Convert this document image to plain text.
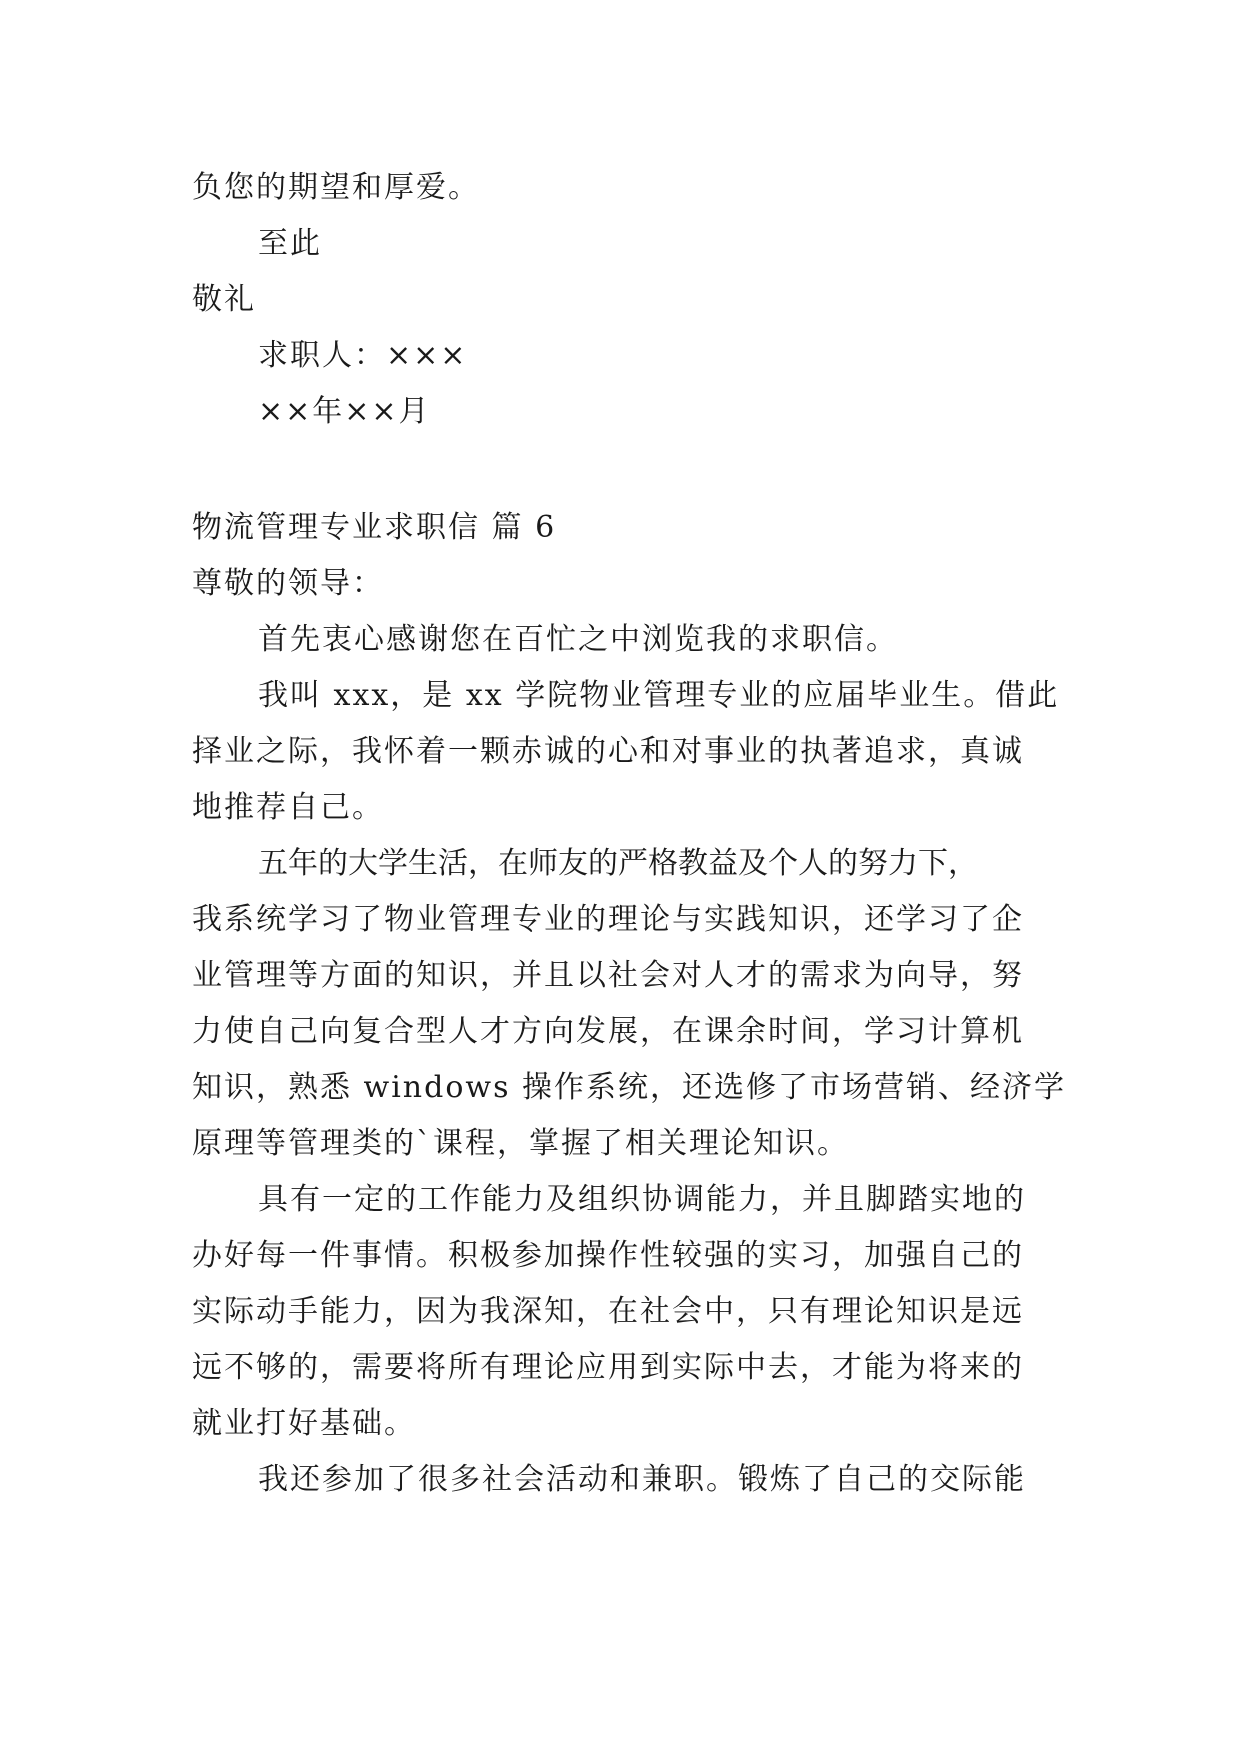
负您的期望和厚爱。
至此
敬礼
求职人：×××
××年××月
物流管理专业求职信 篇 6
尊敬的领导：
首先衷心感谢您在百忙之中浏览我的求职信。
我叫 xxx，是 xx 学院物业管理专业的应届毕业生。借此
择业之际，我怀着一颗赤诚的心和对事业的执著追求，真诚
地推荐自己。
五年的大学生活，在师友的严格教益及个人的努力下，
我系统学习了物业管理专业的理论与实践知识，还学习了企
业管理等方面的知识，并且以社会对人才的需求为向导，努
力使自己向复合型人才方向发展，在课余时间，学习计算机
知识，熟悉 windows 操作系统，还选修了市场营销、经济学
原理等管理类的`课程，掌握了相关理论知识。
具有一定的工作能力及组织协调能力，并且脚踏实地的
办好每一件事情。积极参加操作性较强的实习，加强自己的
实际动手能力，因为我深知，在社会中，只有理论知识是远
远不够的，需要将所有理论应用到实际中去，才能为将来的
就业打好基础。
我还参加了很多社会活动和兼职。锻炼了自己的交际能
